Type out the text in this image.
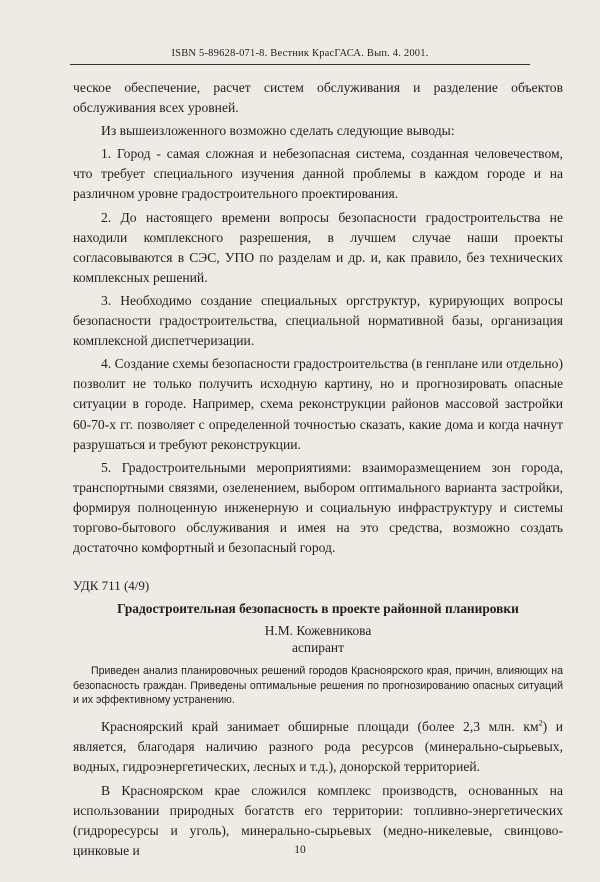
ISBN 5-89628-071-8. Вестник КрасГАСА. Вып. 4. 2001.

ческое обеспечение, расчет систем обслуживания и разделение объектов обслуживания всех уровней.

Из вышеизложенного возможно сделать следующие выводы:

1. Город - самая сложная и небезопасная система, созданная человечеством, что требует специального изучения данной проблемы в каждом городе и на различном уровне градостроительного проектирования.

2. До настоящего времени вопросы безопасности градостроительства не находили комплексного разрешения, в лучшем случае наши проекты согласовываются в СЭС, УПО по разделам и др. и, как правило, без технических комплексных решений.

3. Необходимо создание специальных оргструктур, курирующих вопросы безопасности градостроительства, специальной нормативной базы, организация комплексной диспетчеризации.

4. Создание схемы безопасности градостроительства (в генплане или отдельно) позволит не только получить исходную картину, но и прогнозировать опасные ситуации в городе. Например, схема реконструкции районов массовой застройки 60-70-х гг. позволяет с определенной точностью сказать, какие дома и когда начнут разрушаться и требуют реконструкции.

5. Градостроительными мероприятиями: взаиморазмещением зон города, транспортными связями, озеленением, выбором оптимального варианта застройки, формируя полноценную инженерную и социальную инфраструктуру и системы торгово-бытового обслуживания и имея на это средства, возможно создать достаточно комфортный и безопасный город.

УДК 711 (4/9)

Градостроительная безопасность в проекте районной планировки

Н.М. Кожевникова

аспирант

Приведен анализ планировочных решений городов Красноярского края, причин, влияющих на безопасность граждан. Приведены оптимальные решения по прогнозированию опасных ситуаций и их эффективному устранению.

Красноярский край занимает обширные площади (более 2,3 млн. $км^2$) и является, благодаря наличию разного рода ресурсов (минерально-сырьевых, водных, гидроэнергетических, лесных и т.д.), донорской территорией.

В Красноярском крае сложился комплекс производств, основанных на использовании природных богатств его территории: топливно-энергетических (гидроресурсы и уголь), минерально-сырьевых (медно-никелевые, свинцово-цинковые и	10
